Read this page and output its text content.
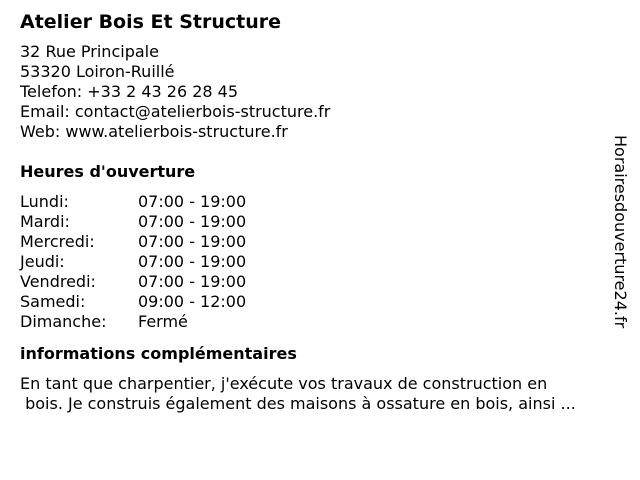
Atelier Bois Et Structure
32 Rue Principale
53320 Loiron-Ruillé
Telefon: +33 2 43 26 28 45
Email: contact@atelierbois-structure.fr
Web: www.atelierbois-structure.fr
Heures d'ouverture
Lundi:	07:00 - 19:00
Mardi:	07:00 - 19:00
Mercredi:	07:00 - 19:00
Jeudi:	07:00 - 19:00
Vendredi:	07:00 - 19:00
Samedi:	09:00 - 12:00
Dimanche:	Fermé
informations complémentaires
En tant que charpentier, j'exécute vos travaux de construction en
bois. Je construis également des maisons à ossature en bois, ainsi ...
Horairesdouverture24.fr
